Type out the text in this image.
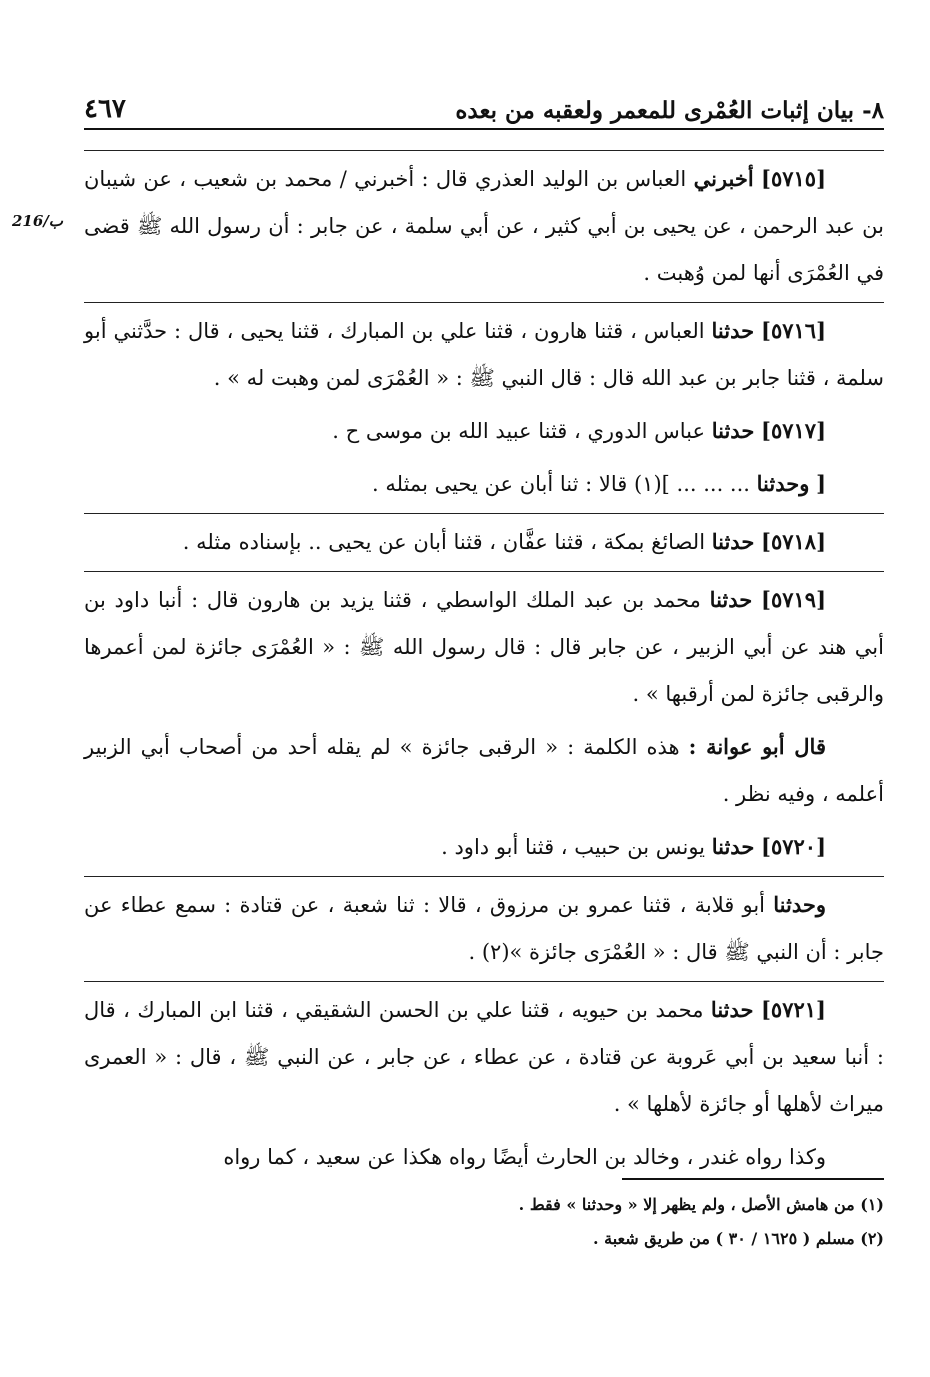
٨- بيان إثبات العُمْرى للمعمر ولعقبه من بعده
٤٦٧
216/ب

[٥٧١٥] أخبرني العباس بن الوليد العذري قال : أخبرني / محمد بن شعيب ، عن شيبان بن عبد الرحمن ، عن يحيى بن أبي كثير ، عن أبي سلمة ، عن جابر : أن رسول الله ﷺ قضى في العُمْرَى أنها لمن وُهبت .

[٥٧١٦] حدثنا العباس ، قثنا هارون ، قثنا علي بن المبارك ، قثنا يحيى ، قال : حدَّثني أبو سلمة ، قثنا جابر بن عبد الله قال : قال النبي ﷺ : « العُمْرَى لمن وهبت له » .

[٥٧١٧] حدثنا عباس الدوري ، قثنا عبيد الله بن موسى ح .

[ وحدثنا ... ... ... ](١) قالا : ثنا أبان عن يحيى بمثله .

[٥٧١٨] حدثنا الصائغ بمكة ، قثنا عفَّان ، قثنا أبان عن يحيى .. بإسناده مثله .

[٥٧١٩] حدثنا محمد بن عبد الملك الواسطي ، قثنا يزيد بن هارون قال : أنبا داود بن أبي هند عن أبي الزبير ، عن جابر قال : قال رسول الله ﷺ : « العُمْرَى جائزة لمن أعمرها والرقبى جائزة لمن أرقبها » .

قال أبو عوانة : هذه الكلمة : « الرقبى جائزة » لم يقله أحد من أصحاب أبي الزبير أعلمه ، وفيه نظر .

[٥٧٢٠] حدثنا يونس بن حبيب ، قثنا أبو داود .

وحدثنا أبو قلابة ، قثنا عمرو بن مرزوق ، قالا : ثنا شعبة ، عن قتادة : سمع عطاء عن جابر : أن النبي ﷺ قال : « العُمْرَى جائزة »(٢) .

[٥٧٢١] حدثنا محمد بن حيويه ، قثنا علي بن الحسن الشقيقي ، قثنا ابن المبارك ، قال : أنبا سعيد بن أبي عَروبة عن قتادة ، عن عطاء ، عن جابر ، عن النبي ﷺ ، قال : « العمرى ميراث لأهلها أو جائزة لأهلها » .

وكذا رواه غندر ، وخالد بن الحارث أيضًا رواه هكذا عن سعيد ، كما رواه

(١) من هامش الأصل ، ولم يظهر إلا « وحدثنا » فقط .
(٢) مسلم ( ١٦٢٥ / ٣٠ ) من طريق شعبة .
